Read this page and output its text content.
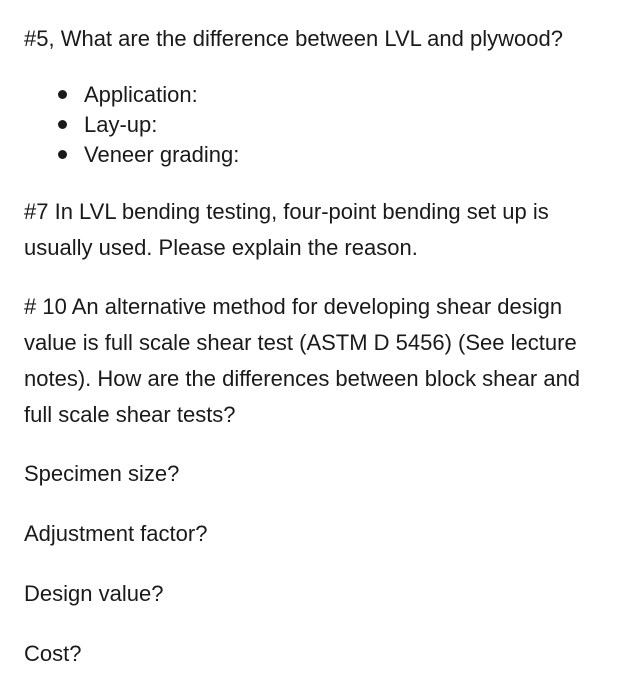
#5, What are the difference between LVL and plywood?
Application:
Lay-up:
Veneer grading:

#7 In LVL bending testing, four-point bending set up is
usually used. Please explain the reason.

# 10 An alternative method for developing shear design
value is full scale shear test (ASTM D 5456) (See lecture
notes). How are the differences between block shear and
full scale shear tests?

Specimen size?

Adjustment factor?

Design value?

Cost?
